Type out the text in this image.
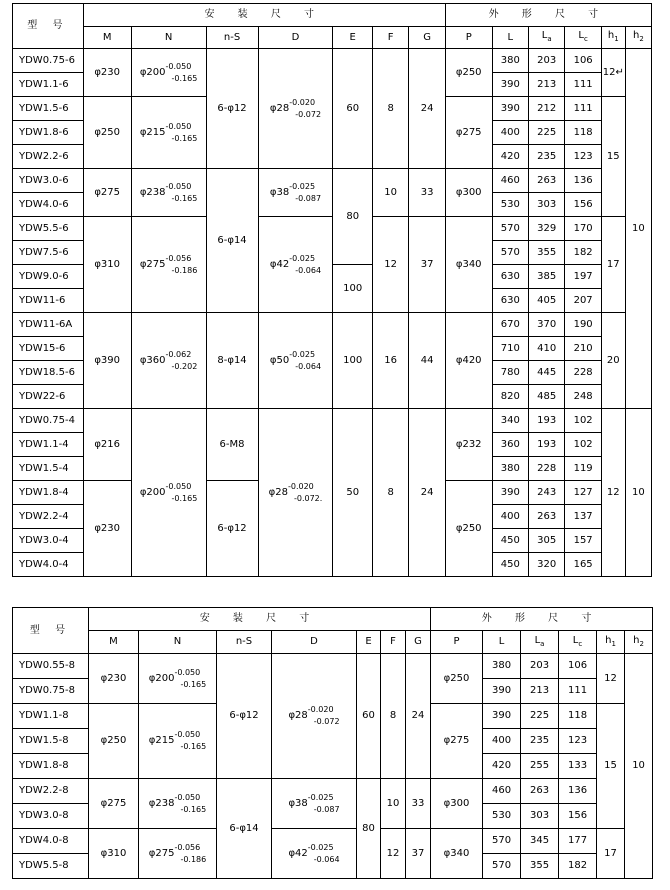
型 号	安 装 尺 寸							外 形 尺 寸					
	M	N	n-S	D	E	F	G	P	L	$L_a$	$L_c$	$h_1$	$h_2$
YDW0.75-6	φ230	φ200
-0.050
-0.165	6-φ12	φ28
-0.020
-0.072	60	8	24	φ250	380	203	106	12↵	10
YDW1.1-6									390	213	111		
YDW1.5-6	φ250	φ215
-0.050
-0.165						φ275	390	212	111	15	
YDW1.8-6									400	225	118		
YDW2.2-6									420	235	123		
YDW3.0-6	φ275	φ238
-0.050
-0.165	6-φ14	φ38
-0.025
-0.087	80	10	33	φ300	460	263	136		
YDW4.0-6									530	303	156		
YDW5.5-6	φ310	φ275
-0.056
-0.186		φ42
-0.025
-0.064		12	37	φ340	570	329	170	17	
YDW7.5-6									570	355	182		
YDW9.0-6					100				630	385	197		
YDW11-6									630	405	207		
YDW11-6A	φ390	φ360
-0.062
-0.202	8-φ14	φ50
-0.025
-0.064	100	16	44	φ420	670	370	190	20	
YDW15-6									710	410	210		
YDW18.5-6									780	445	228		
YDW22-6									820	485	248		
YDW0.75-4	φ216	φ200
-0.050
-0.165	6-M8	φ28
-0.020
-0.072.	50	8	24	φ232	340	193	102	12	10
YDW1.1-4									360	193	102		
YDW1.5-4									380	228	119		
YDW1.8-4	φ230		6-φ12					φ250	390	243	127		
YDW2.2-4									400	263	137		
YDW3.0-4									450	305	157		
YDW4.0-4									450	320	165		
型 号	安 装 尺 寸							外 形 尺 寸					
	M	N	n-S	D	E	F	G	P	L	$L_a$	$L_c$	$h_1$	$h_2$
YDW0.55-8	φ230	φ200
-0.050
-0.165	6-φ12	φ28
-0.020
-0.072	60	8	24	φ250	380	203	106	12	10
YDW0.75-8									390	213	111		
YDW1.1-8	φ250	φ215
-0.050
-0.165						φ275	390	225	118	15	
YDW1.5-8									400	235	123		
YDW1.8-8									420	255	133		
YDW2.2-8	φ275	φ238
-0.050
-0.165	6-φ14	φ38
-0.025
-0.087	80	10	33	φ300	460	263	136		
YDW3.0-8									530	303	156		
YDW4.0-8	φ310	φ275
-0.056
-0.186		φ42
-0.025
-0.064		12	37	φ340	570	345	177	17	
YDW5.5-8									570	355	182		
